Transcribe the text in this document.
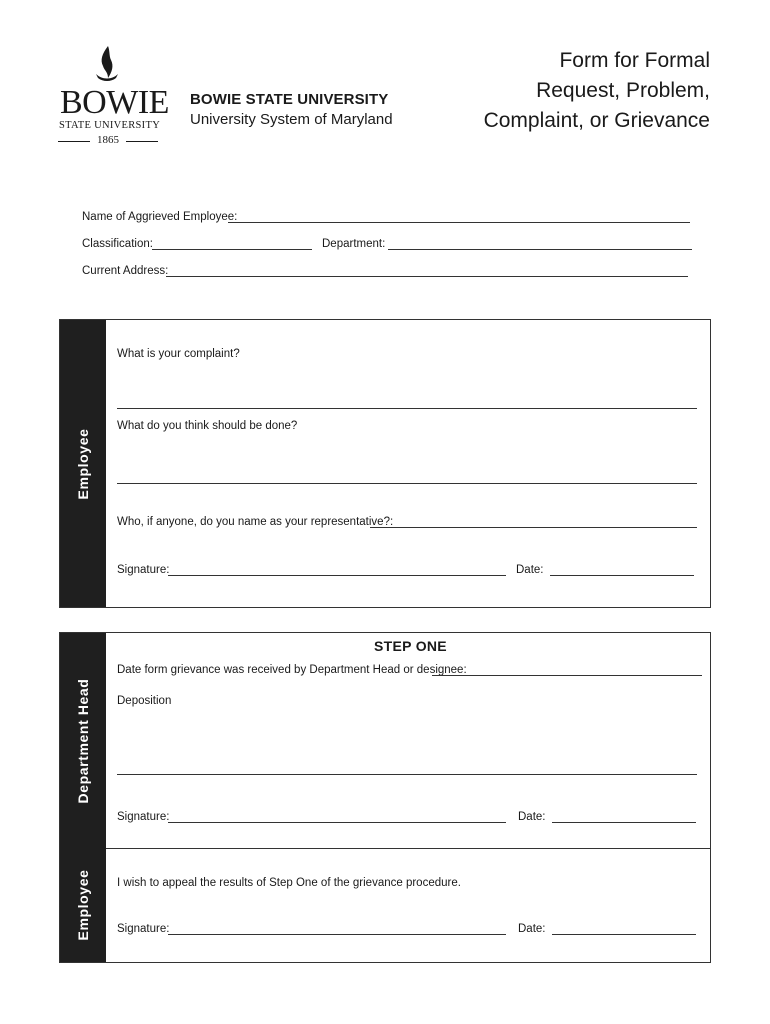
BOWIE
STATE UNIVERSITY
1865
BOWIE STATE UNIVERSITY
University System of Maryland
Form for Formal
Request, Problem,
Complaint, or Grievance
Name of Aggrieved Employee:
Classification:	Department:
Current Address:
Employee
What is your complaint?
What do you think should be done?
Who, if anyone, do you name as your representative?:
Signature:	Date:
Department Head
Employee
STEP ONE
Date form grievance was received by Department Head or designee:
Deposition
Signature:	Date:
I wish to appeal the results of Step One of the grievance procedure.
Signature:	Date:
